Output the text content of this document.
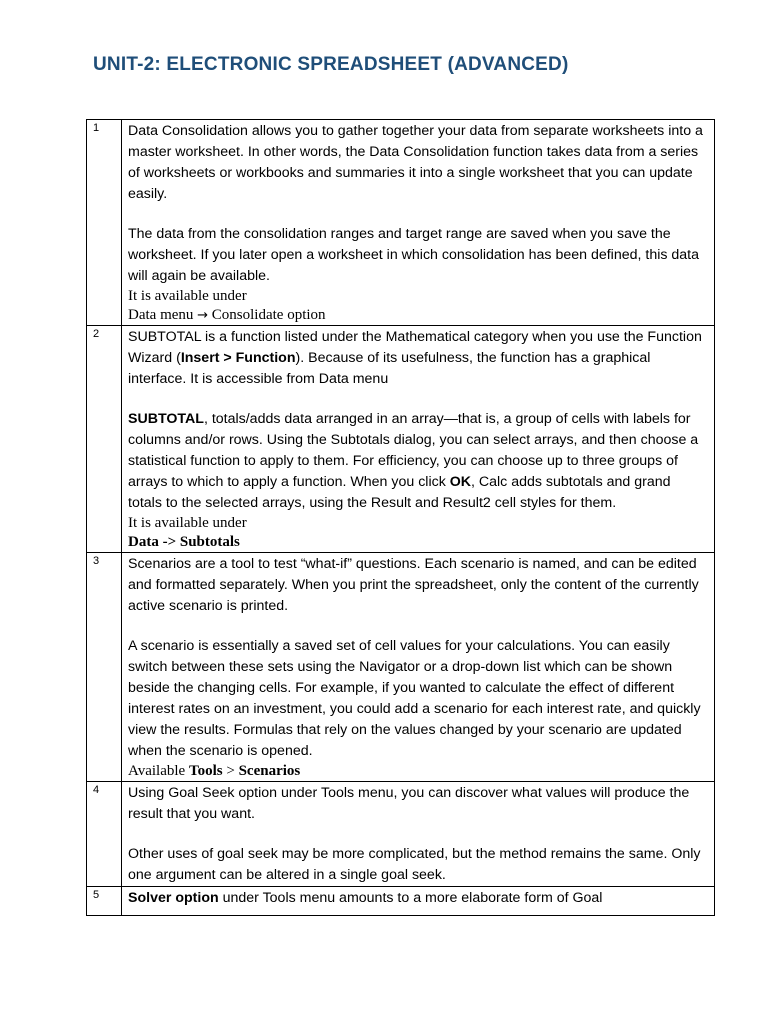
UNIT-2: ELECTRONIC SPREADSHEET (ADVANCED)
1	Data Consolidation allows you to gather together your data from separate worksheets into a master worksheet. In other words, the Data Consolidation function takes data from a series of worksheets or workbooks and summaries it into a single worksheet that you can update easily.

The data from the consolidation ranges and target range are saved when you save the worksheet. If you later open a worksheet in which consolidation has been defined, this data will again be available.

It is available under

Data menu → Consolidate option

2	SUBTOTAL is a function listed under the Mathematical category when you use the Function Wizard (Insert > Function). Because of its usefulness, the function has a graphical interface. It is accessible from Data menu

SUBTOTAL, totals/adds data arranged in an array—that is, a group of cells with labels for columns and/or rows. Using the Subtotals dialog, you can select arrays, and then choose a statistical function to apply to them. For efficiency, you can choose up to three groups of arrays to which to apply a function. When you click OK, Calc adds subtotals and grand totals to the selected arrays, using the Result and Result2 cell styles for them.

It is available under

Data -> Subtotals

3	Scenarios are a tool to test “what-if” questions. Each scenario is named, and can be edited and formatted separately. When you print the spreadsheet, only the content of the currently active scenario is printed.

A scenario is essentially a saved set of cell values for your calculations. You can easily switch between these sets using the Navigator or a drop-down list which can be shown beside the changing cells. For example, if you wanted to calculate the effect of different interest rates on an investment, you could add a scenario for each interest rate, and quickly view the results. Formulas that rely on the values changed by your scenario are updated when the scenario is opened.

Available Tools > Scenarios

4	Using Goal Seek option under Tools menu, you can discover what values will produce the result that you want.

Other uses of goal seek may be more complicated, but the method remains the same. Only one argument can be altered in a single goal seek.

5	Solver option under Tools menu amounts to a more elaborate form of Goal
